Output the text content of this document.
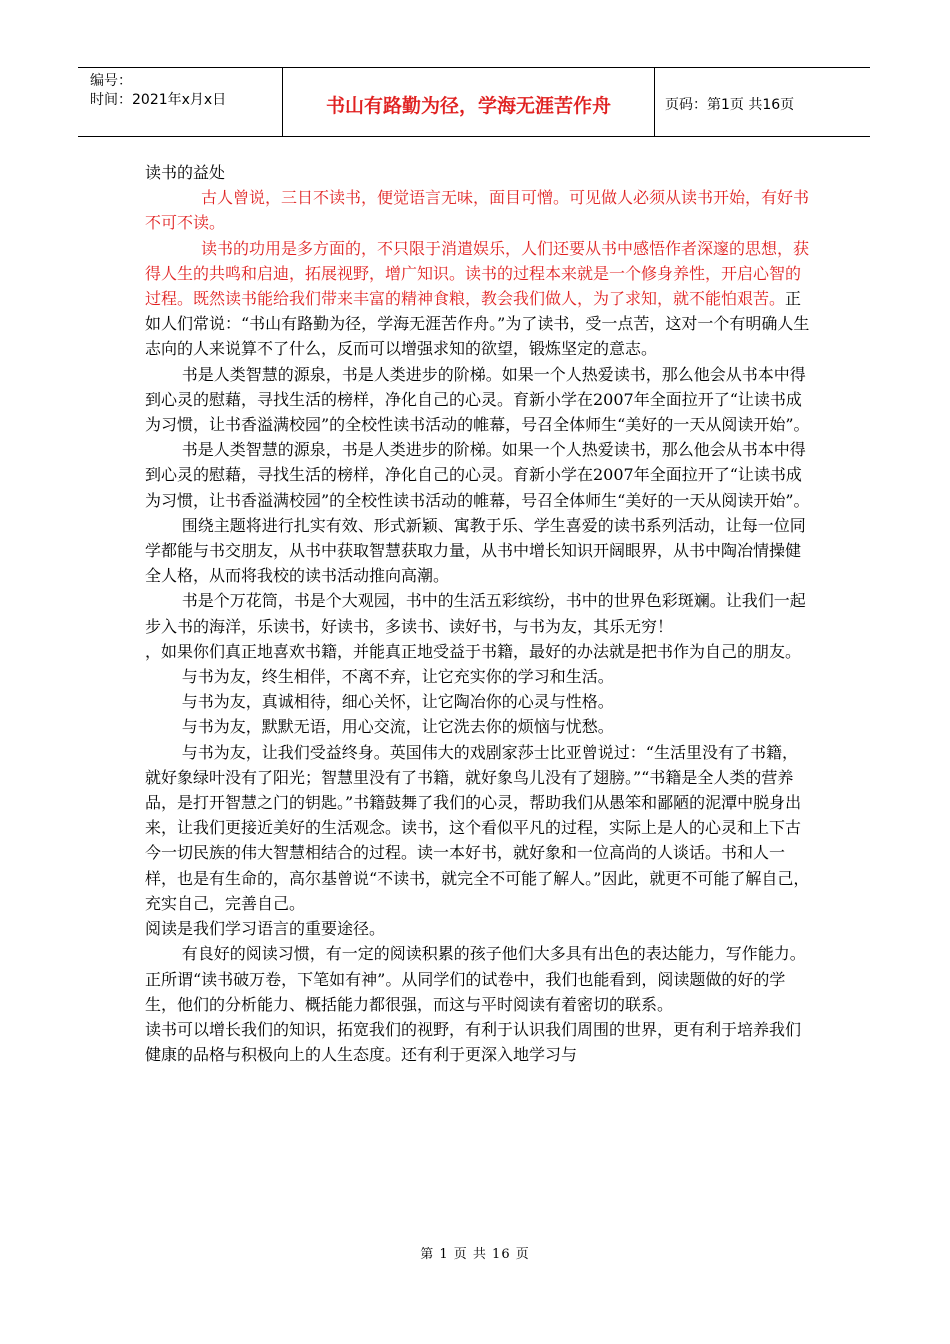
编号：
时间：2021年x月x日	书山有路勤为径，学海无涯苦作舟	页码：第1页 共16页

读书的益处

古人曾说，三日不读书，便觉语言无味，面目可憎。可见做人必须从读书开始，有好书不可不读。

读书的功用是多方面的，不只限于消遣娱乐，人们还要从书中感悟作者深邃的思想，获得人生的共鸣和启迪，拓展视野，增广知识。读书的过程本来就是一个修身养性，开启心智的过程。既然读书能给我们带来丰富的精神食粮，教会我们做人，为了求知，就不能怕艰苦。正如人们常说：“书山有路勤为径，学海无涯苦作舟。”为了读书，受一点苦，这对一个有明确人生志向的人来说算不了什么，反而可以增强求知的欲望，锻炼坚定的意志。

书是人类智慧的源泉，书是人类进步的阶梯。如果一个人热爱读书，那么他会从书本中得到心灵的慰藉，寻找生活的榜样，净化自己的心灵。育新小学在2007年全面拉开了“让读书成为习惯，让书香溢满校园”的全校性读书活动的帷幕，号召全体师生“美好的一天从阅读开始”。

书是人类智慧的源泉，书是人类进步的阶梯。如果一个人热爱读书，那么他会从书本中得到心灵的慰藉，寻找生活的榜样，净化自己的心灵。育新小学在2007年全面拉开了“让读书成为习惯，让书香溢满校园”的全校性读书活动的帷幕，号召全体师生“美好的一天从阅读开始”。

围绕主题将进行扎实有效、形式新颖、寓教于乐、学生喜爱的读书系列活动，让每一位同学都能与书交朋友，从书中获取智慧获取力量，从书中增长知识开阔眼界，从书中陶冶情操健全人格，从而将我校的读书活动推向高潮。

书是个万花筒，书是个大观园，书中的生活五彩缤纷，书中的世界色彩斑斓。让我们一起步入书的海洋，乐读书，好读书，多读书、读好书，与书为友，其乐无穷！

，如果你们真正地喜欢书籍，并能真正地受益于书籍，最好的办法就是把书作为自己的朋友。

与书为友，终生相伴，不离不弃，让它充实你的学习和生活。

与书为友，真诚相待，细心关怀，让它陶冶你的心灵与性格。

与书为友，默默无语，用心交流，让它洗去你的烦恼与忧愁。

与书为友，让我们受益终身。英国伟大的戏剧家莎士比亚曾说过：“生活里没有了书籍，就好象绿叶没有了阳光；智慧里没有了书籍，就好象鸟儿没有了翅膀。”“书籍是全人类的营养品，是打开智慧之门的钥匙。”书籍鼓舞了我们的心灵，帮助我们从愚笨和鄙陋的泥潭中脱身出来，让我们更接近美好的生活观念。读书，这个看似平凡的过程，实际上是人的心灵和上下古今一切民族的伟大智慧相结合的过程。读一本好书，就好象和一位高尚的人谈话。书和人一样，也是有生命的，高尔基曾说“不读书，就完全不可能了解人。”因此，就更不可能了解自己，充实自己，完善自己。

阅读是我们学习语言的重要途径。

有良好的阅读习惯，有一定的阅读积累的孩子他们大多具有出色的表达能力，写作能力。正所谓“读书破万卷，下笔如有神”。从同学们的试卷中，我们也能看到，阅读题做的好的学生，他们的分析能力、概括能力都很强，而这与平时阅读有着密切的联系。

读书可以增长我们的知识，拓宽我们的视野，有利于认识我们周围的世界，更有利于培养我们健康的品格与积极向上的人生态度。还有利于更深入地学习与

第 1 页 共 16 页
